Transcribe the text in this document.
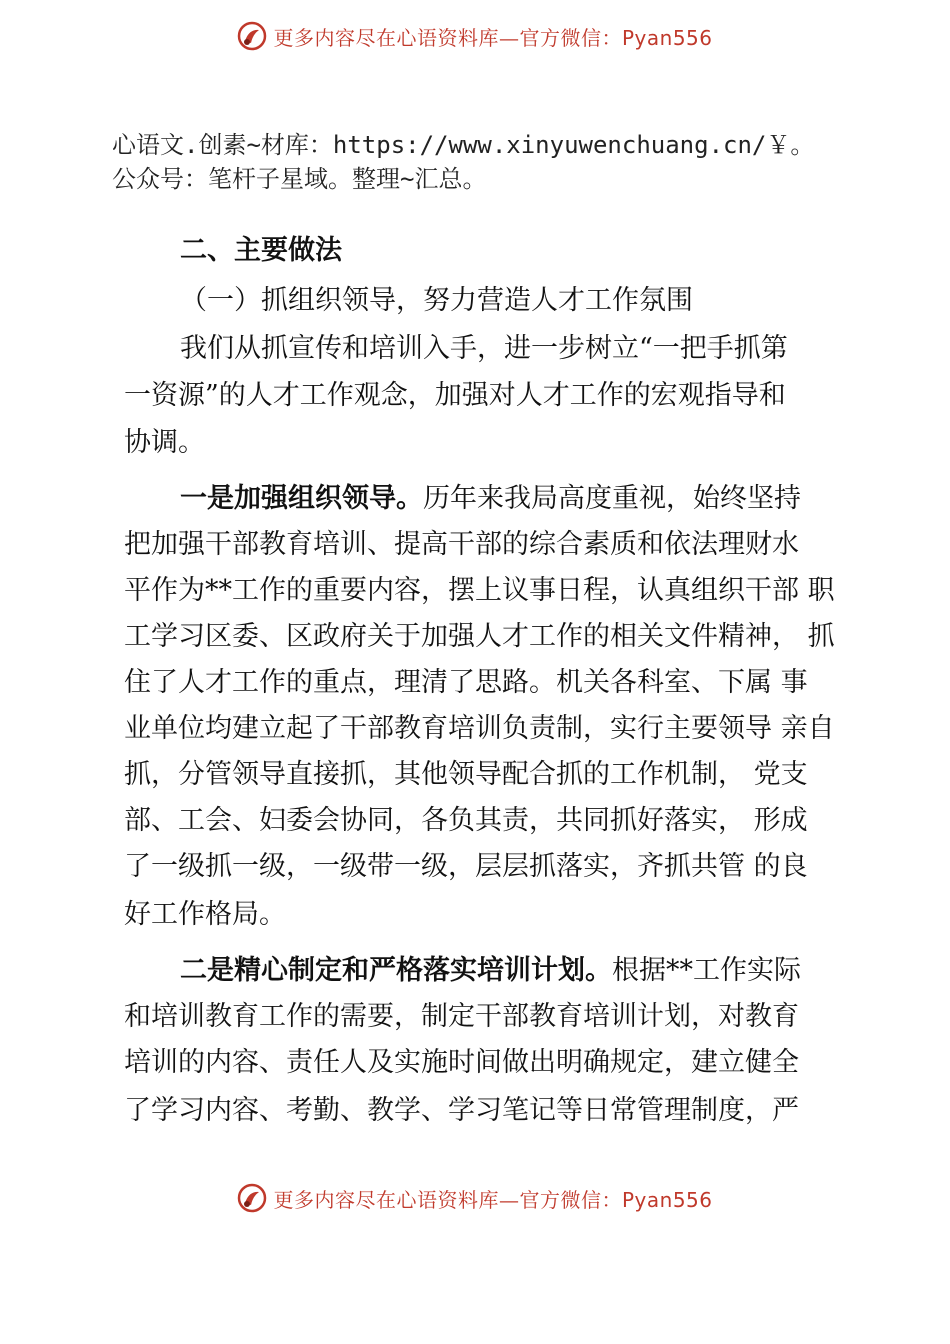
更多内容尽在心语资料库—官方微信：Pyan556
心语文.创素~材库：https://www.xinyuwenchuang.cn/￥。
公众号：笔杆子星域。整理~汇总。
二、主要做法
（一）抓组织领导，努力营造人才工作氛围
我们从抓宣传和培训入手，进一步树立“一把手抓第
一资源”的人才工作观念，加强对人才工作的宏观指导和
协调。
一是加强组织领导。历年来我局高度重视，始终坚持
把加强干部教育培训、提高干部的综合素质和依法理财水
平作为**工作的重要内容，摆上议事日程，认真组织干部 职
工学习区委、区政府关于加强人才工作的相关文件精神， 抓
住了人才工作的重点，理清了思路。机关各科室、下属 事
业单位均建立起了干部教育培训负责制，实行主要领导 亲自
抓，分管领导直接抓，其他领导配合抓的工作机制， 党支
部、工会、妇委会协同，各负其责，共同抓好落实， 形成
了一级抓一级，一级带一级，层层抓落实，齐抓共管 的良
好工作格局。
二是精心制定和严格落实培训计划。根据**工作实际
和培训教育工作的需要，制定干部教育培训计划，对教育
培训的内容、责任人及实施时间做出明确规定，建立健全
了学习内容、考勤、教学、学习笔记等日常管理制度，严
更多内容尽在心语资料库—官方微信：Pyan556
